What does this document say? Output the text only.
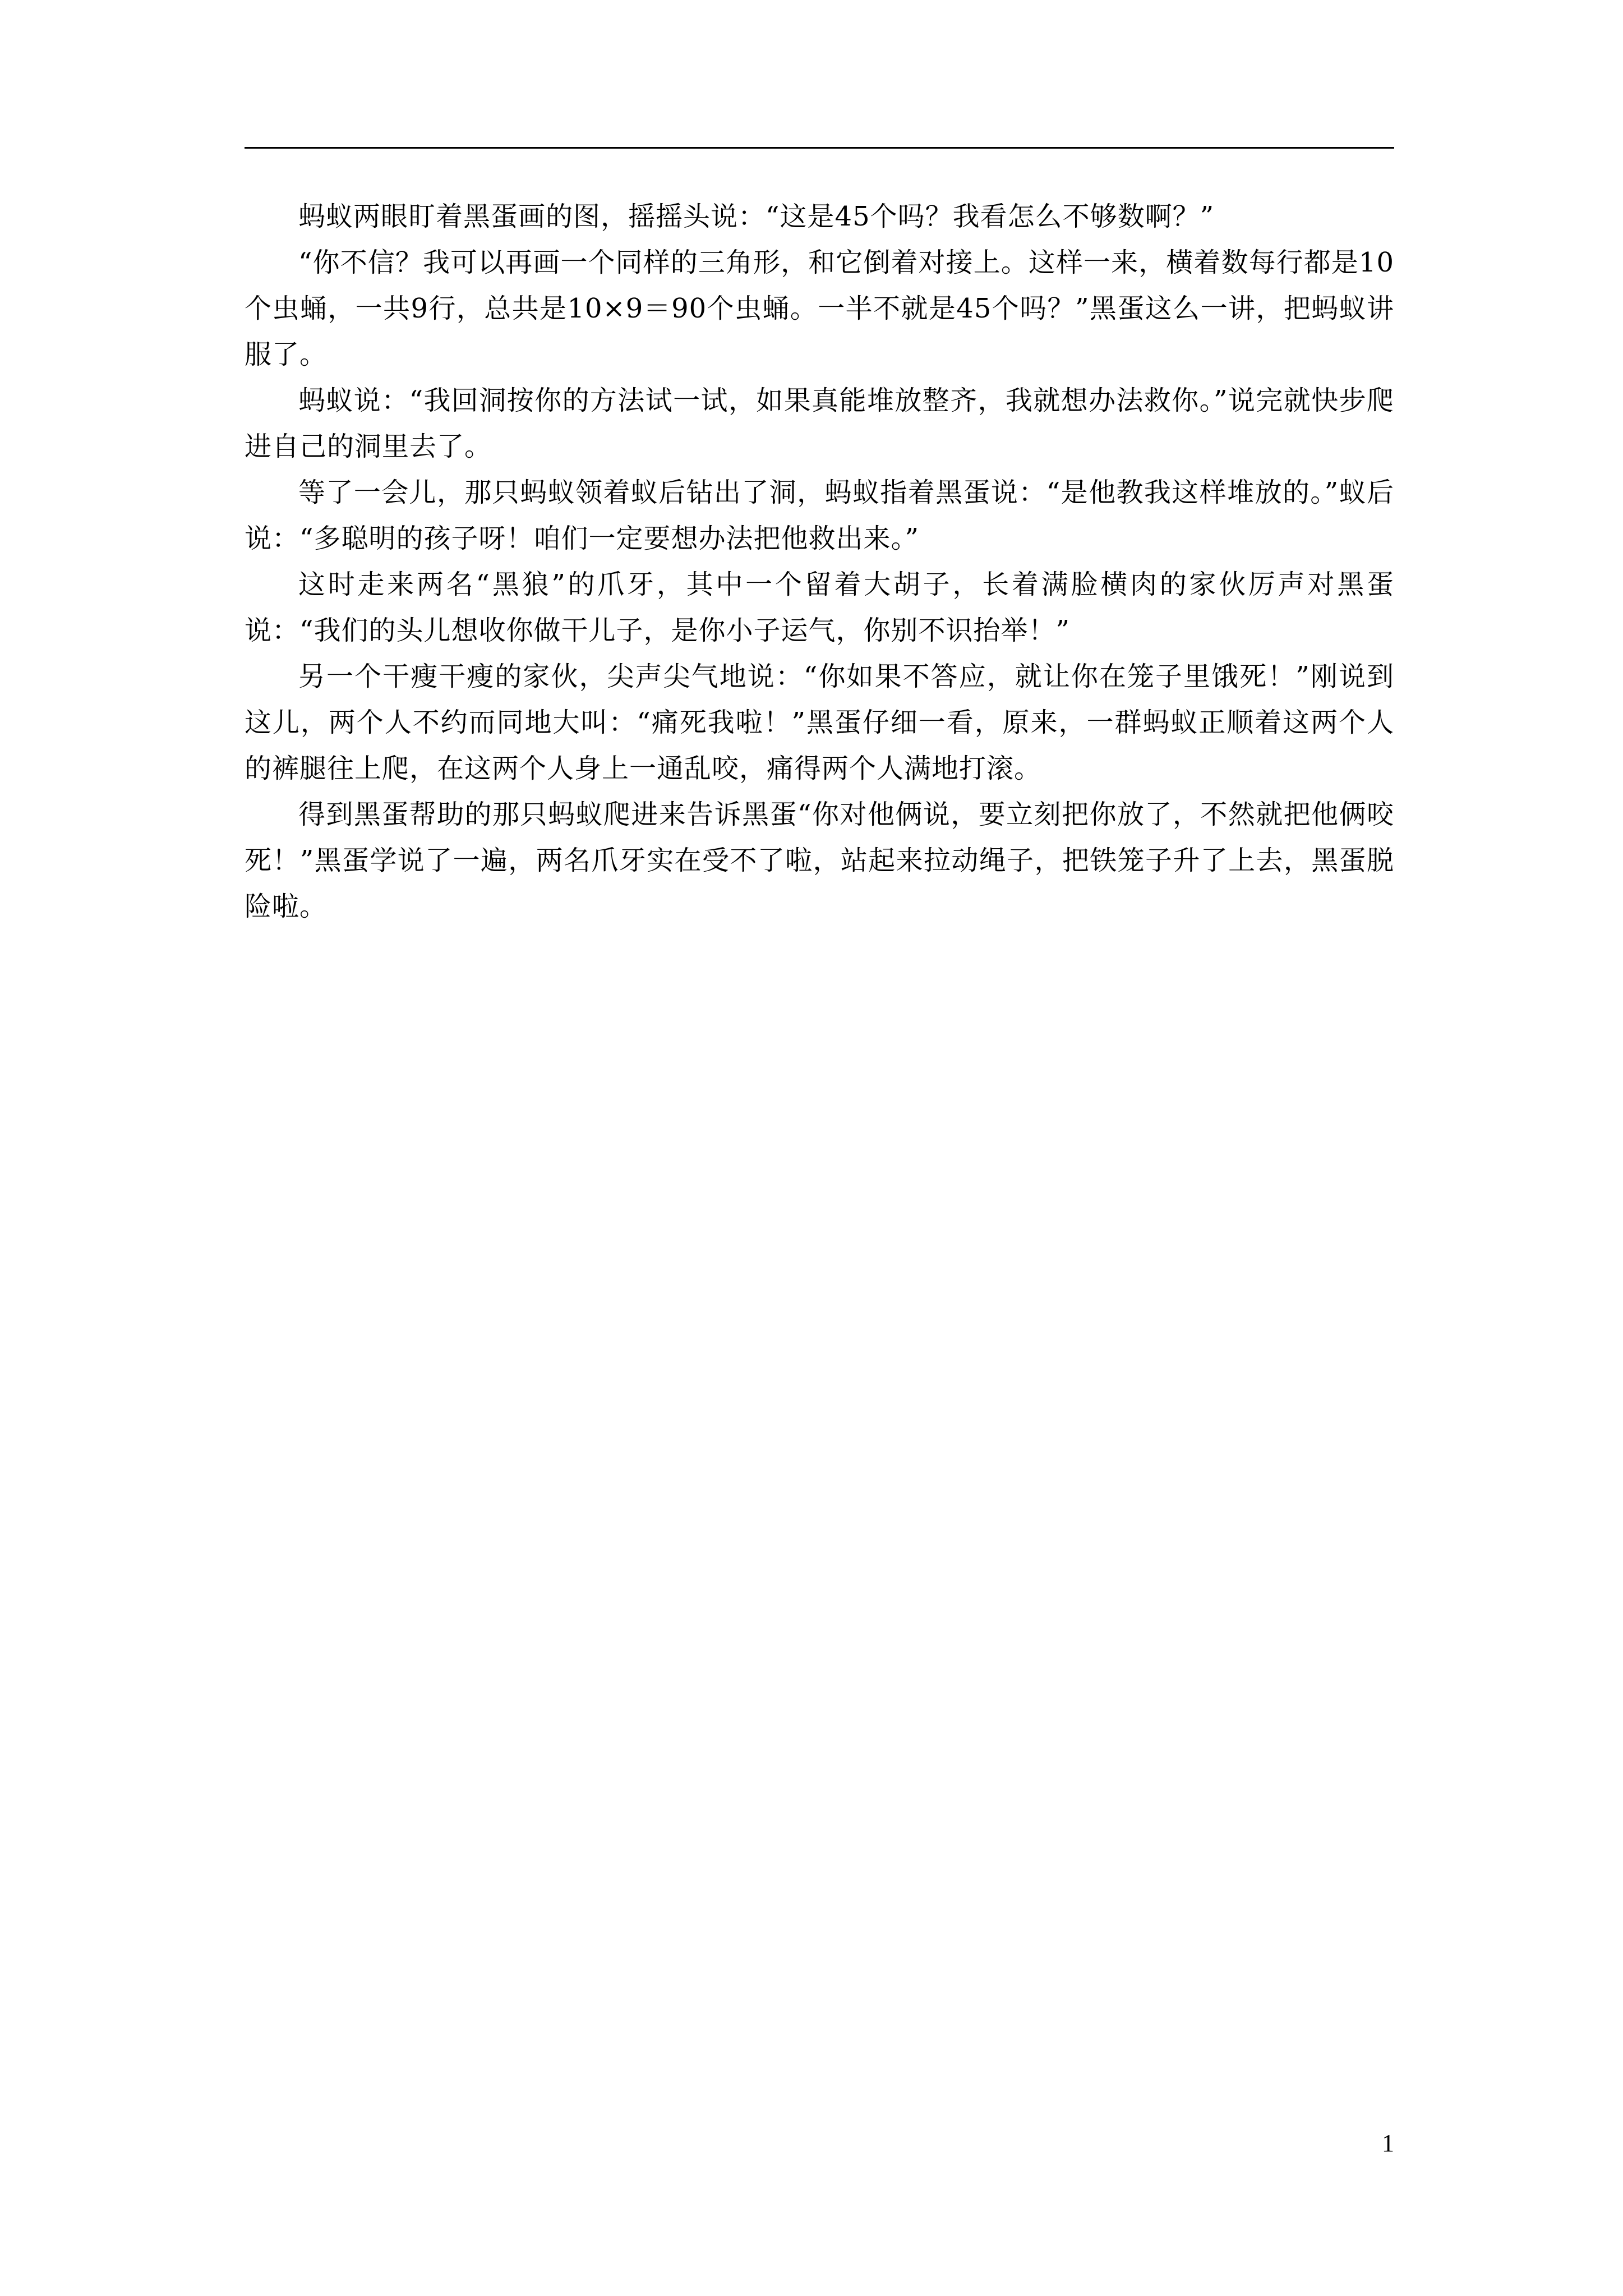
蚂蚁两眼盯着黑蛋画的图，摇摇头说：“这是45个吗？我看怎么不够数啊？”

“你不信？我可以再画一个同样的三角形，和它倒着对接上。这样一来，横着数每行都是10个虫蛹，一共9行，总共是10×9＝90个虫蛹。一半不就是45个吗？”黑蛋这么一讲，把蚂蚁讲服了。

蚂蚁说：“我回洞按你的方法试一试，如果真能堆放整齐，我就想办法救你。”说完就快步爬进自己的洞里去了。

等了一会儿，那只蚂蚁领着蚁后钻出了洞，蚂蚁指着黑蛋说：“是他教我这样堆放的。”蚁后说：“多聪明的孩子呀！咱们一定要想办法把他救出来。”

这时走来两名“黑狼”的爪牙，其中一个留着大胡子，长着满脸横肉的家伙厉声对黑蛋说：“我们的头儿想收你做干儿子，是你小子运气，你别不识抬举！”

另一个干瘦干瘦的家伙，尖声尖气地说：“你如果不答应，就让你在笼子里饿死！”刚说到这儿，两个人不约而同地大叫：“痛死我啦！”黑蛋仔细一看，原来，一群蚂蚁正顺着这两个人的裤腿往上爬，在这两个人身上一通乱咬，痛得两个人满地打滚。

得到黑蛋帮助的那只蚂蚁爬进来告诉黑蛋“你对他俩说，要立刻把你放了，不然就把他俩咬死！”黑蛋学说了一遍，两名爪牙实在受不了啦，站起来拉动绳子，把铁笼子升了上去，黑蛋脱险啦。

1
